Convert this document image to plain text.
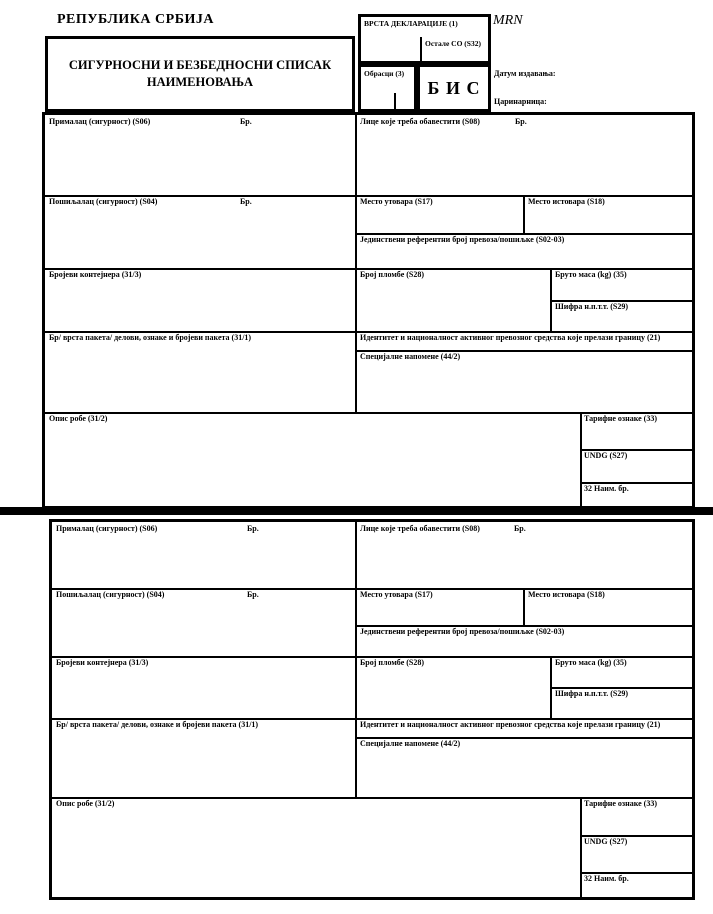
РЕПУБЛИКА СРБИЈА
СИГУРНОСНИ И БЕЗБЕДНОСНИ СПИСАК НАИМЕНОВАЊА
ВРСТА ДЕКЛАРАЦИЈЕ (1)
Остале СО (S32)
Обрасци (3)
Б И С
MRN
Датум издавања:
Царинарница:
Прималац (сигурност) (S06)	Бр.	Лице које треба обавестити (S08)	Бр.
Пошиљалац (сигурност) (S04)	Бр.	Место утовара (S17)	Место истовара (S18)
Јединствени референтни број превоза/пошиљке (S02-03)
Бројеви контејнера (31/3)	Број пломбе (S28)	Бруто маса (kg) (35)
Шифра н.п.т.т. (S29)
Бр/ врста пакета/ делови, ознаке и бројеви пакета (31/1)	Идентитет и националност активног превозног средства које прелази границу (21)
Специјалне напомене (44/2)
Опис робе (31/2)	Тарифне ознаке (33)
UNDG (S27)
32 Наим. бр.
Прималац (сигурност) (S06)	Бр.	Лице које треба обавестити (S08)	Бр.
Пошиљалац (сигурност) (S04)	Бр.	Место утовара (S17)	Место истовара (S18)
Јединствени референтни број превоза/пошиљке (S02-03)
Бројеви контејнера (31/3)	Број пломбе (S28)	Бруто маса (kg) (35)
Шифра н.п.т.т. (S29)
Бр/ врста пакета/ делови, ознаке и бројеви пакета (31/1)	Идентитет и националност активног превозног средства које прелази границу (21)
Специјалне напомене (44/2)
Опис робе (31/2)	Тарифне ознаке (33)
UNDG (S27)
32 Наим. бр.
